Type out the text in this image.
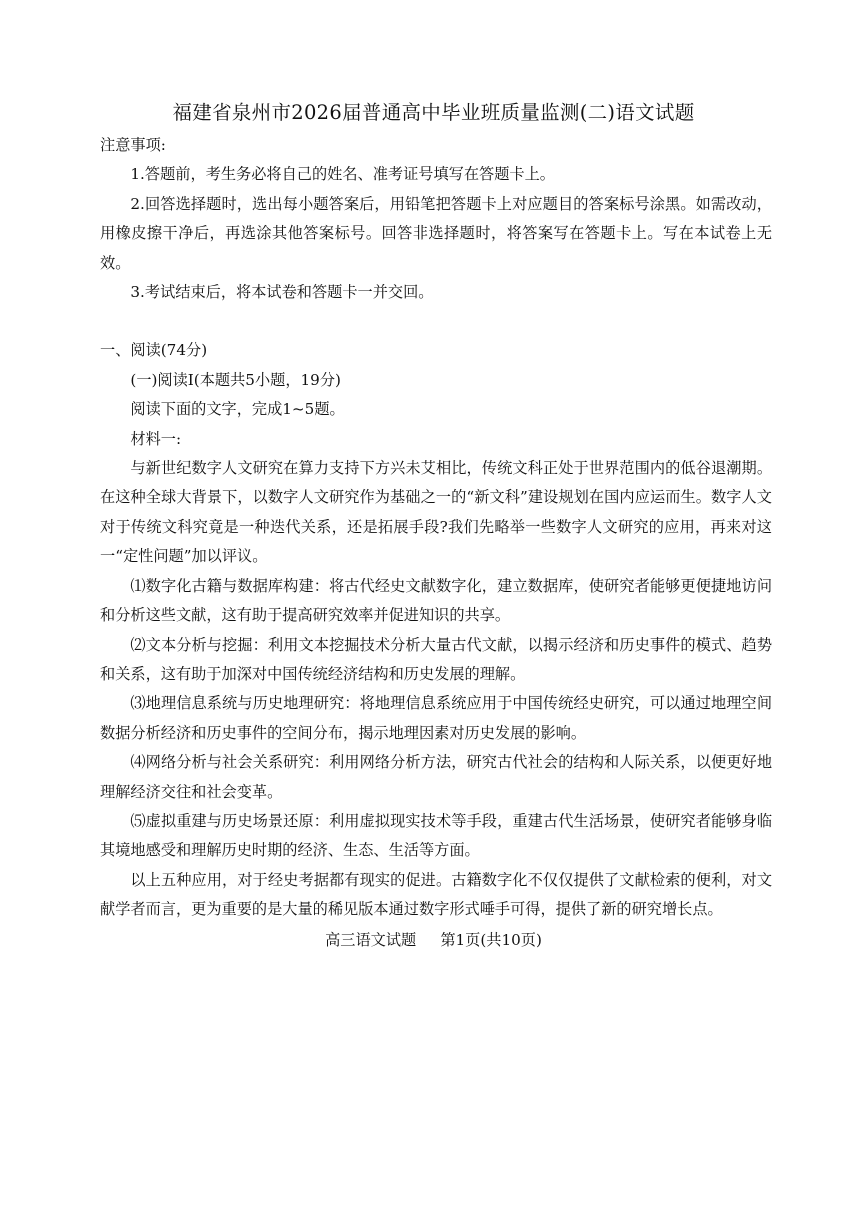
福建省泉州市2026届普通高中毕业班质量监测(二)语文试题

注意事项:

1.答题前，考生务必将自己的姓名、准考证号填写在答题卡上。

2.回答选择题时，选出每小题答案后，用铅笔把答题卡上对应题目的答案标号涂黑。如需改动，用橡皮擦干净后，再选涂其他答案标号。回答非选择题时，将答案写在答题卡上。写在本试卷上无效。

3.考试结束后，将本试卷和答题卡一并交回。

一、阅读(74分)

(一)阅读Ⅰ(本题共5小题，19分)

阅读下面的文字，完成1~5题。

材料一:

与新世纪数字人文研究在算力支持下方兴未艾相比，传统文科正处于世界范围内的低谷退潮期。在这种全球大背景下，以数字人文研究作为基础之一的“新文科”建设规划在国内应运而生。数字人文对于传统文科究竟是一种迭代关系，还是拓展手段?我们先略举一些数字人文研究的应用，再来对这一“定性问题”加以评议。

⑴数字化古籍与数据库构建：将古代经史文献数字化，建立数据库，使研究者能够更便捷地访问和分析这些文献，这有助于提高研究效率并促进知识的共享。

⑵文本分析与挖掘：利用文本挖掘技术分析大量古代文献，以揭示经济和历史事件的模式、趋势和关系，这有助于加深对中国传统经济结构和历史发展的理解。

⑶地理信息系统与历史地理研究：将地理信息系统应用于中国传统经史研究，可以通过地理空间数据分析经济和历史事件的空间分布，揭示地理因素对历史发展的影响。

⑷网络分析与社会关系研究：利用网络分析方法，研究古代社会的结构和人际关系，以便更好地理解经济交往和社会变革。

⑸虚拟重建与历史场景还原：利用虚拟现实技术等手段，重建古代生活场景，使研究者能够身临其境地感受和理解历史时期的经济、生态、生活等方面。

以上五种应用，对于经史考据都有现实的促进。古籍数字化不仅仅提供了文献检索的便利，对文献学者而言，更为重要的是大量的稀见版本通过数字形式唾手可得，提供了新的研究增长点。

高三语文试题 第1页(共10页)
